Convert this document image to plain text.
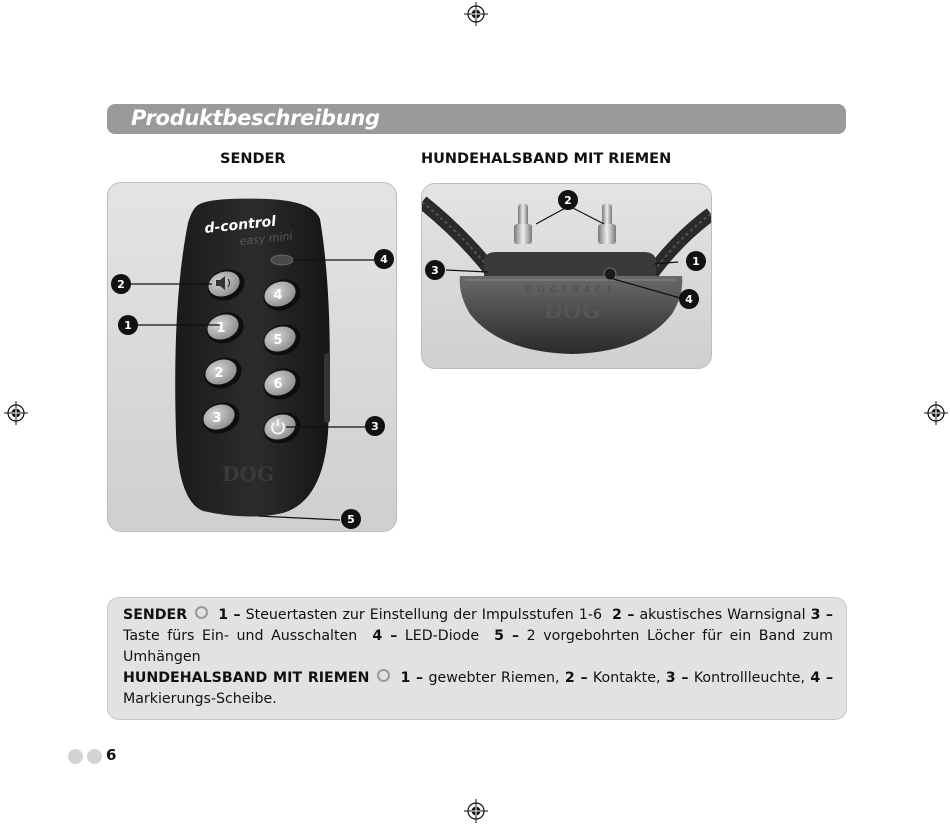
Produktbeschreibung
SENDER	HUNDEHALSBAND MIT RIEMEN
1
2
3
4
5
6
d-control
easy mini
DOG
4
2
1
3
5
DOGTRACE
DOG
2
3
1
4
SENDER 1 – Steuertasten zur Einstellung der Impulsstufen 1-6 2 – akustisches Warnsignal 3 – Taste fürs Ein- und Ausschalten 4 – LED-Diode 5 – 2 vorgebohrten Löcher für ein Band zum Umhängen
HUNDEHALSBAND MIT RIEMEN 1 – gewebter Riemen, 2 – Kontakte, 3 – Kontrollleuchte, 4 – Markierungs-Scheibe.
6
